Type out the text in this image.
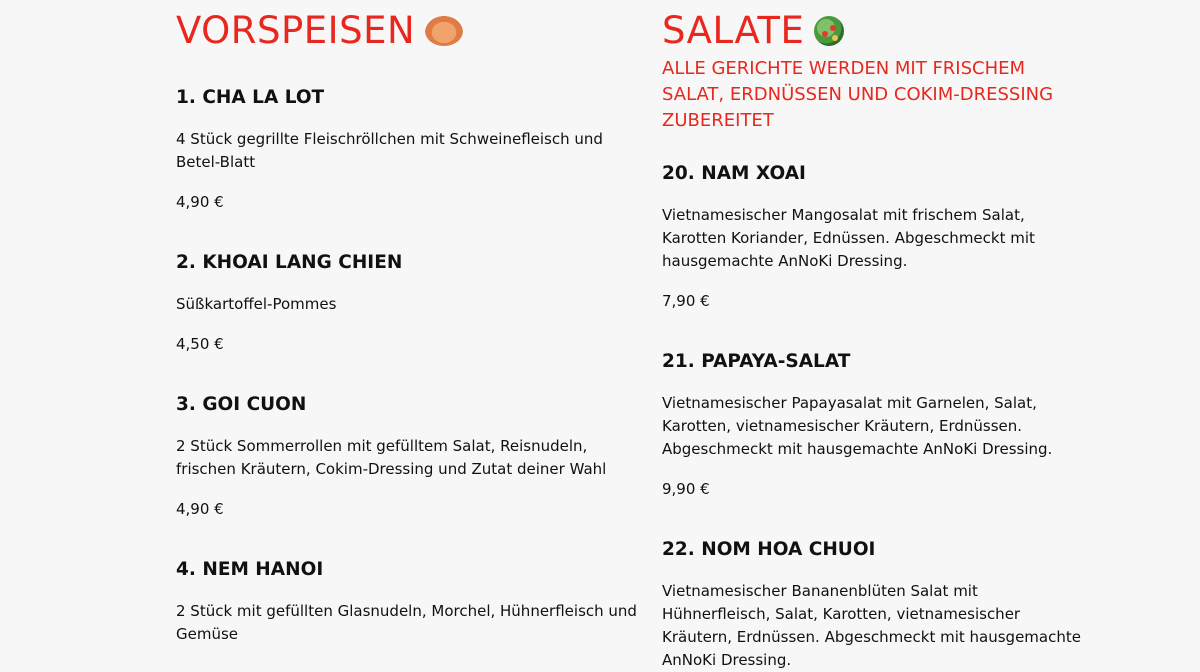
VORSPEISEN

1. CHA LA LOT

4 Stück gegrillte Fleischröllchen mit Schweinefleisch und Betel-Blatt

4,90 €

2. KHOAI LANG CHIEN

Süßkartoffel-Pommes

4,50 €

3. GOI CUON

2 Stück Sommerrollen mit gefülltem Salat, Reisnudeln, frischen Kräutern, Cokim-Dressing und Zutat deiner Wahl

4,90 €

4. NEM HANOI

2 Stück mit gefüllten Glasnudeln, Morchel, Hühnerfleisch und Gemüse

SALATE

ALLE GERICHTE WERDEN MIT FRISCHEM SALAT, ERDNÜSSEN UND COKIM-DRESSING ZUBEREITET

20. NAM XOAI

Vietnamesischer Mangosalat mit frischem Salat, Karotten Koriander, Ednüssen. Abgeschmeckt mit hausgemachte AnNoKi Dressing.

7,90 €

21. PAPAYA-SALAT

Vietnamesischer Papayasalat mit Garnelen, Salat, Karotten, vietnamesischer Kräutern, Erdnüssen. Abgeschmeckt mit hausgemachte AnNoKi Dressing.

9,90 €

22. NOM HOA CHUOI

Vietnamesischer Bananenblüten Salat mit Hühnerfleisch, Salat, Karotten, vietnamesischer Kräutern, Erdnüssen. Abgeschmeckt mit hausgemachte AnNoKi Dressing.
